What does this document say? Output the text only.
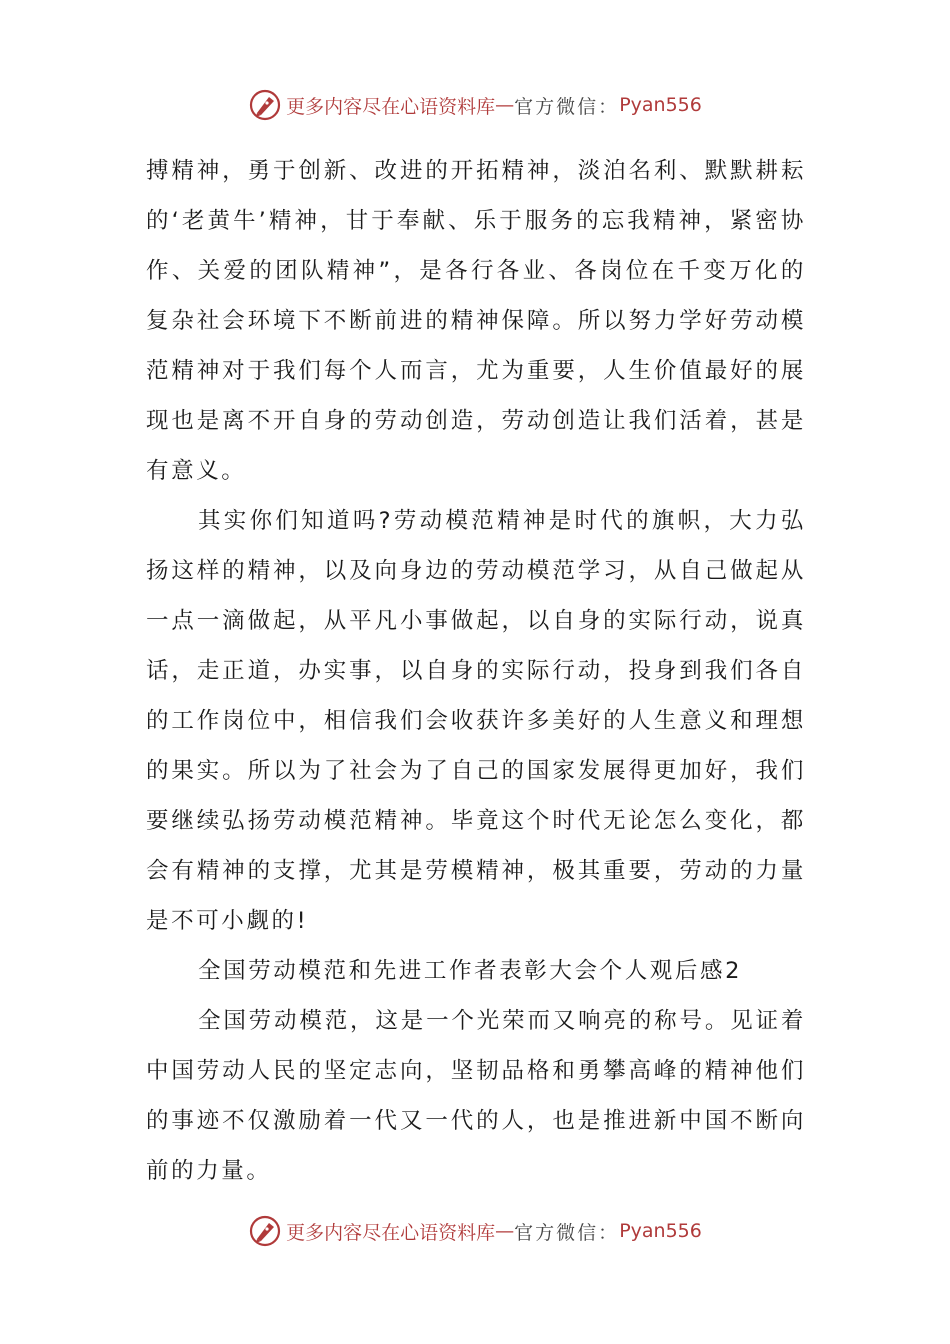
更多内容尽在心语资料库 — 官方微信： Pyan556

搏精神，勇于创新、改进的开拓精神，淡泊名利、默默耕耘的‘老黄牛’精神，甘于奉献、乐于服务的忘我精神，紧密协作、关爱的团队精神”，是各行各业、各岗位在千变万化的复杂社会环境下不断前进的精神保障。所以努力学好劳动模范精神对于我们每个人而言，尤为重要，人生价值最好的展现也是离不开自身的劳动创造，劳动创造让我们活着，甚是有意义。

其实你们知道吗?劳动模范精神是时代的旗帜，大力弘扬这样的精神，以及向身边的劳动模范学习，从自己做起从一点一滴做起，从平凡小事做起，以自身的实际行动，说真话，走正道，办实事，以自身的实际行动，投身到我们各自的工作岗位中，相信我们会收获许多美好的人生意义和理想的果实。所以为了社会为了自己的国家发展得更加好，我们要继续弘扬劳动模范精神。毕竟这个时代无论怎么变化，都会有精神的支撑，尤其是劳模精神，极其重要，劳动的力量是不可小觑的!

全国劳动模范和先进工作者表彰大会个人观后感2

全国劳动模范，这是一个光荣而又响亮的称号。见证着中国劳动人民的坚定志向，坚韧品格和勇攀高峰的精神他们的事迹不仅激励着一代又一代的人，也是推进新中国不断向前的力量。

更多内容尽在心语资料库 — 官方微信： Pyan556
